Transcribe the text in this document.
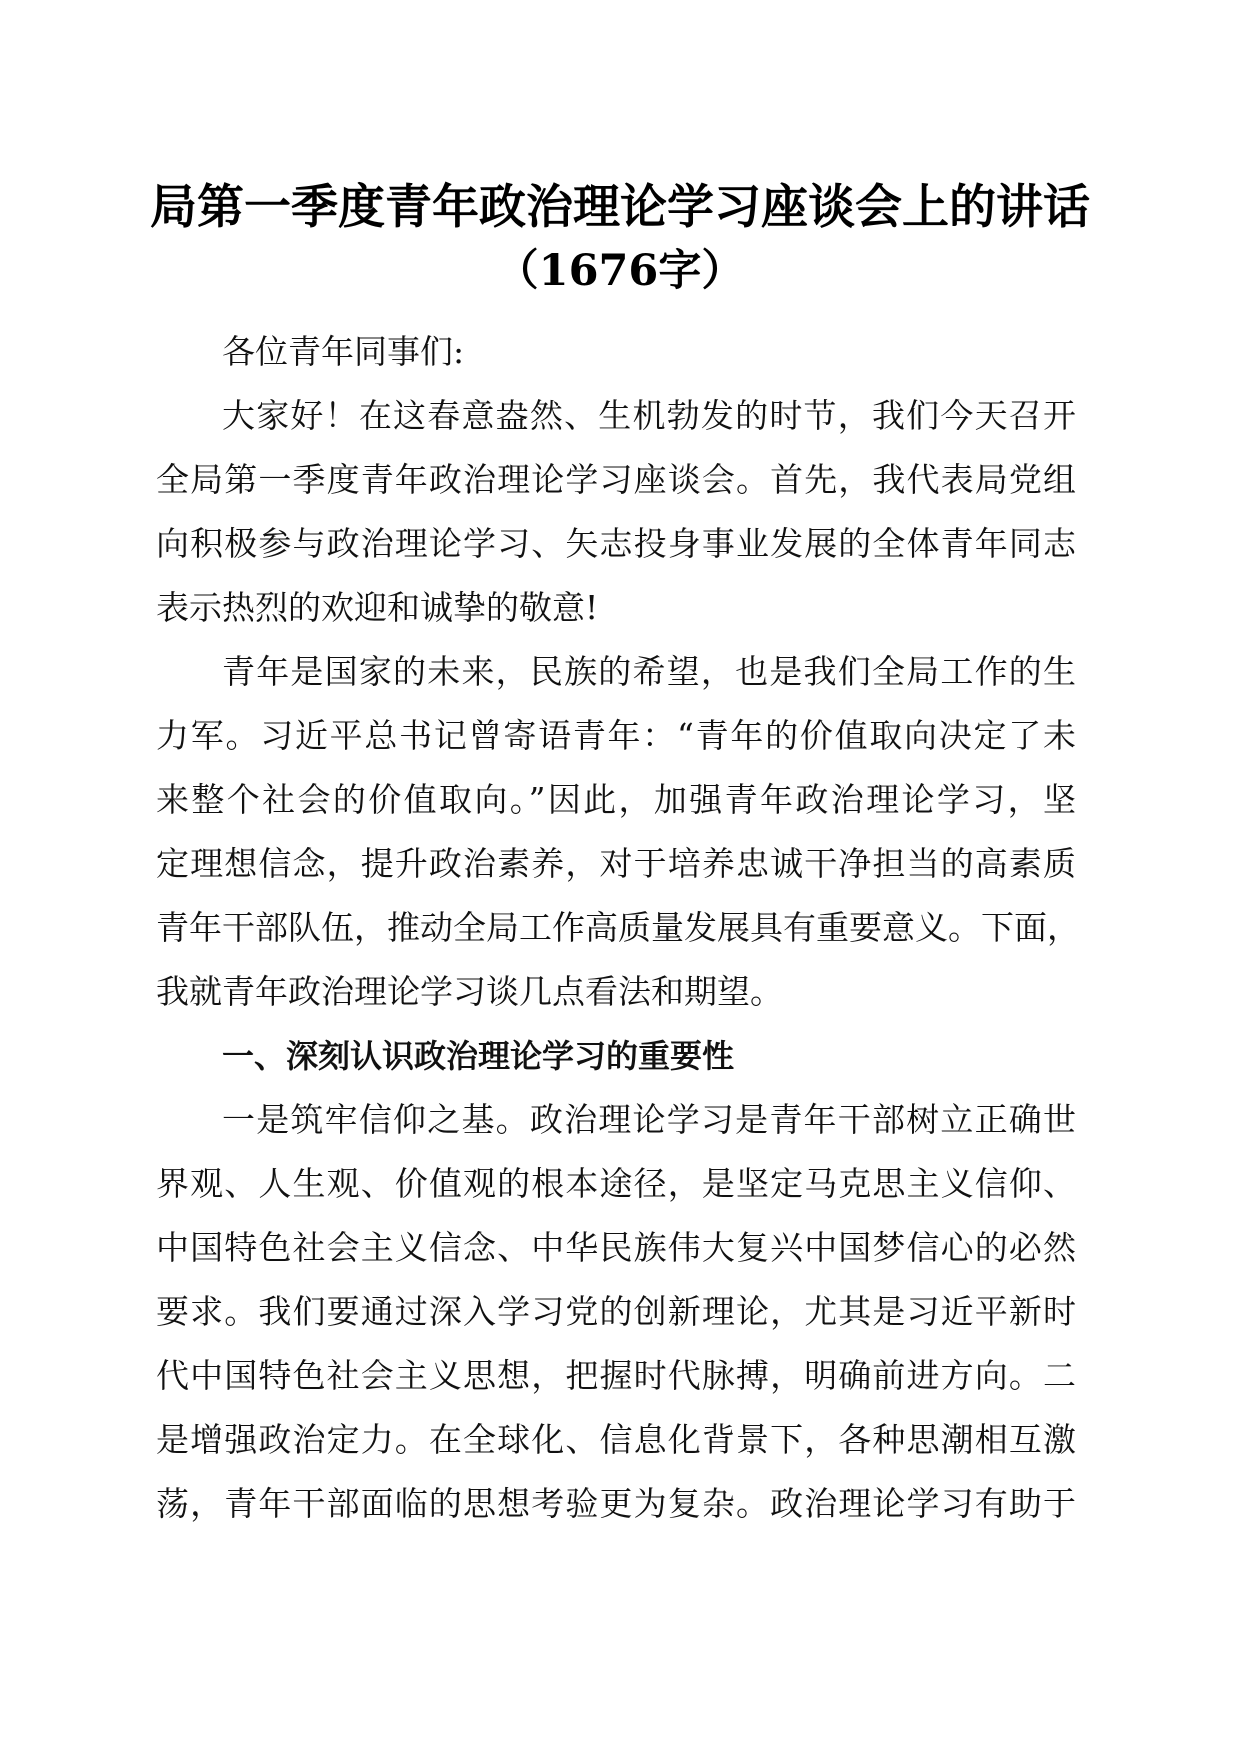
局第一季度青年政治理论学习座谈会上的讲话
（1676字）
各位青年同事们:
大家好！在这春意盎然、生机勃发的时节，我们今天召开
全局第一季度青年政治理论学习座谈会。首先，我代表局党组
向积极参与政治理论学习、矢志投身事业发展的全体青年同志
表示热烈的欢迎和诚挚的敬意!
青年是国家的未来，民族的希望，也是我们全局工作的生
力军。习近平总书记曾寄语青年：“青年的价值取向决定了未
来整个社会的价值取向。”因此，加强青年政治理论学习，坚
定理想信念，提升政治素养，对于培养忠诚干净担当的高素质
青年干部队伍，推动全局工作高质量发展具有重要意义。下面，
我就青年政治理论学习谈几点看法和期望。
一、深刻认识政治理论学习的重要性
一是筑牢信仰之基。政治理论学习是青年干部树立正确世
界观、人生观、价值观的根本途径，是坚定马克思主义信仰、
中国特色社会主义信念、中华民族伟大复兴中国梦信心的必然
要求。我们要通过深入学习党的创新理论，尤其是习近平新时
代中国特色社会主义思想，把握时代脉搏，明确前进方向。二
是增强政治定力。在全球化、信息化背景下，各种思潮相互激
荡，青年干部面临的思想考验更为复杂。政治理论学习有助于
